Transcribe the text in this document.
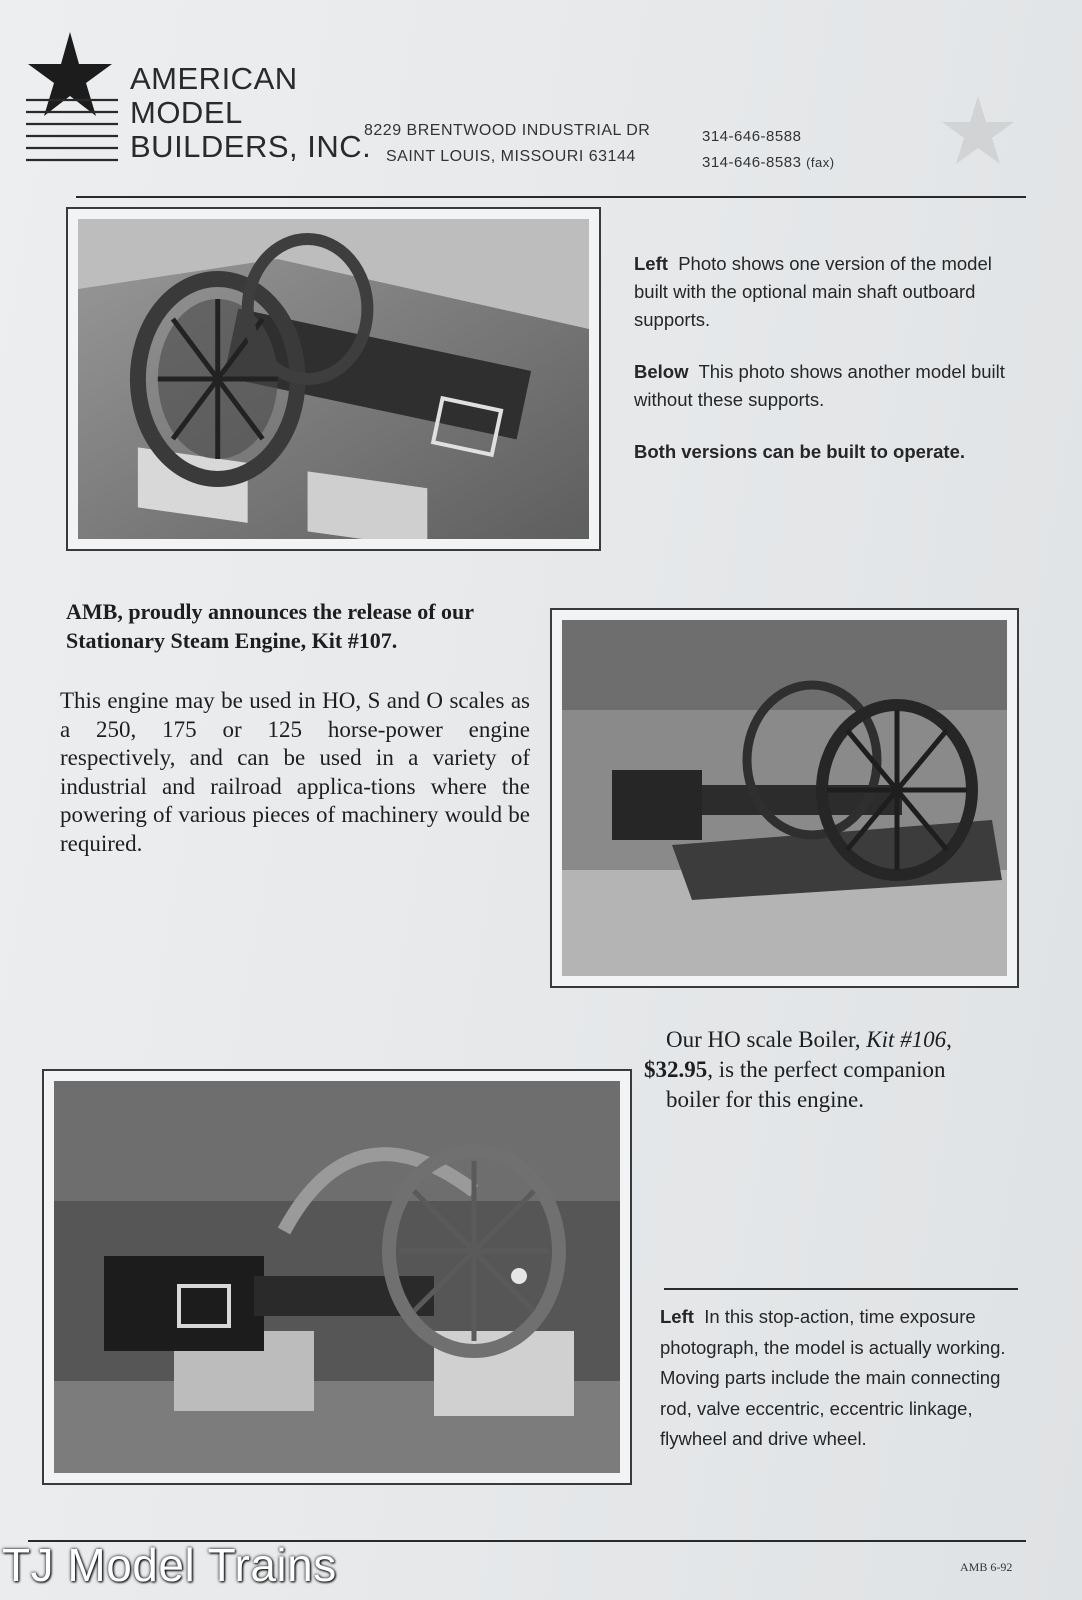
AMERICAN
MODEL
BUILDERS, INC.
8229 BRENTWOOD INDUSTRIAL DR
SAINT LOUIS, MISSOURI 63144
314-646-8588
314-646-8583 (fax)

Left Photo shows one version of the model built with the optional main shaft outboard supports.

Below This photo shows another model built without these supports.

Both versions can be built to operate.

AMB, proudly announces the release of our
Stationary Steam Engine, Kit #107.
This engine may be used in HO, S and O scales as a 250, 175 or 125 horse-power engine respectively, and can be used in a variety of industrial and railroad applica-tions where the powering of various pieces of machinery would be required.
Our HO scale Boiler, Kit #106,
$32.95, is the perfect companion
boiler for this engine.
Left In this stop-action, time exposure photograph, the model is actually working. Moving parts include the main connecting rod, valve eccentric, eccentric linkage, flywheel and drive wheel.
TJ Model Trains	AMB 6-92
